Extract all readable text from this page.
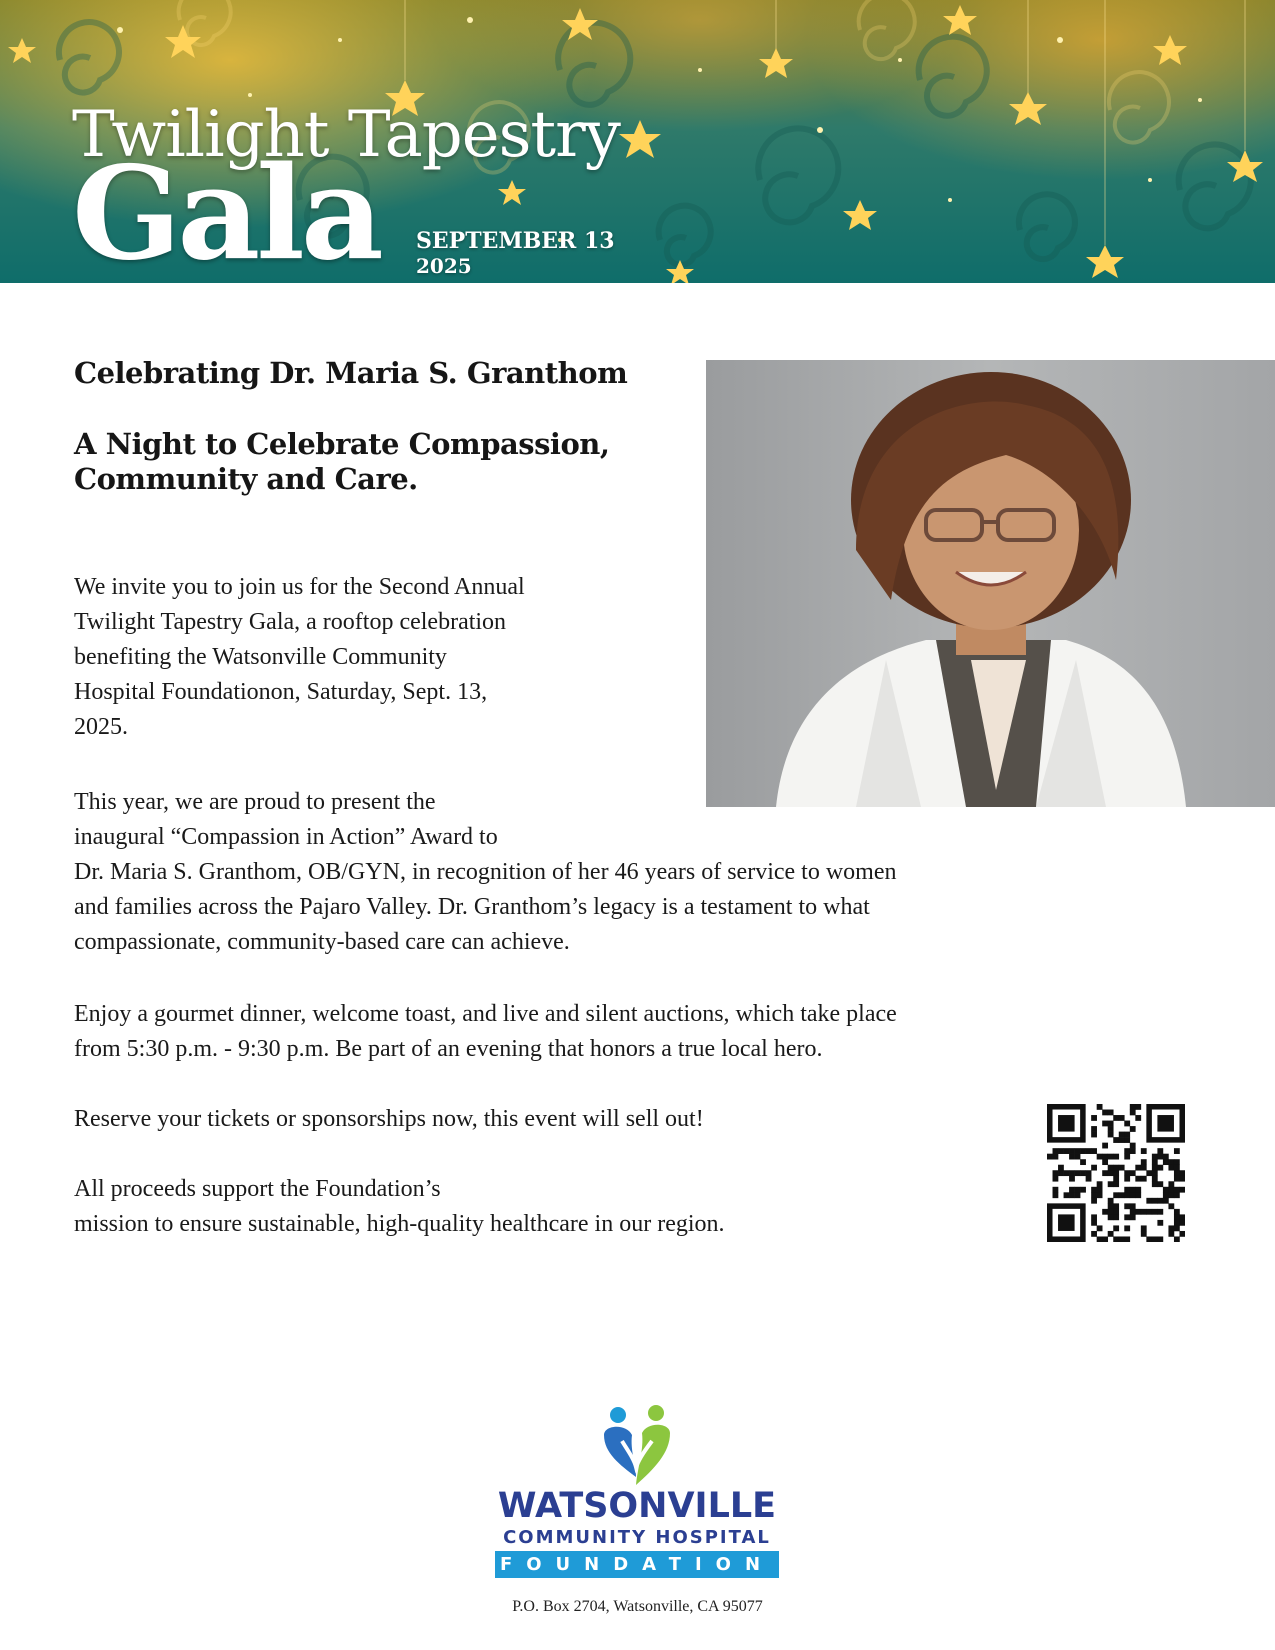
Twilight Tapestry
Gala SEPTEMBER 13
2025
Celebrating Dr. Maria S. Granthom
A Night to Celebrate Compassion,
Community and Care.

We invite you to join us for the Second Annual
Twilight Tapestry Gala, a rooftop celebration
benefiting the Watsonville Community
Hospital Foundationon, Saturday, Sept. 13,
2025.

This year, we are proud to present the
inaugural “Compassion in Action” Award to
Dr. Maria S. Granthom, OB/GYN, in recognition of her 46 years of service to women
and families across the Pajaro Valley. Dr. Granthom’s legacy is a testament to what
compassionate, community-based care can achieve.

Enjoy a gourmet dinner, welcome toast, and live and silent auctions, which take place
from 5:30 p.m. - 9:30 p.m. Be part of an evening that honors a true local hero.

Reserve your tickets or sponsorships now, this event will sell out!

All proceeds support the Foundation’s
mission to ensure sustainable, high-quality healthcare in our region.

WATSONVILLE
COMMUNITY HOSPITAL
FOUNDATION
P.O. Box 2704, Watsonville, CA 95077
